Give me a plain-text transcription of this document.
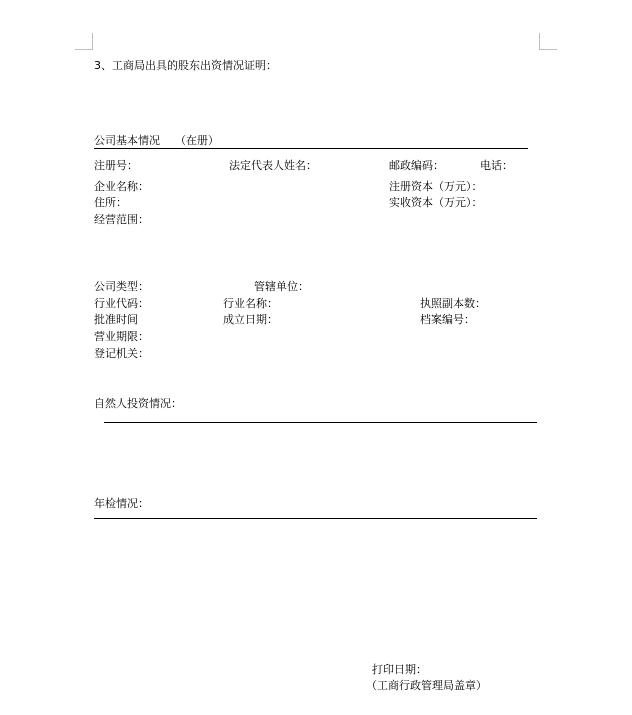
3、工商局出具的股东出资情况证明：
公司基本情况 （在册）
注册号：	法定代表人姓名：	邮政编码：	电话：
企业名称：	注册资本（万元）：
住所：	实收资本（万元）：
经营范围：
公司类型：	管辖单位：
行业代码：	行业名称：	执照副本数：
批准时间	成立日期：	档案编号：
营业期限：
登记机关：
自然人投资情况：
年检情况：
打印日期：
（工商行政管理局盖章）
